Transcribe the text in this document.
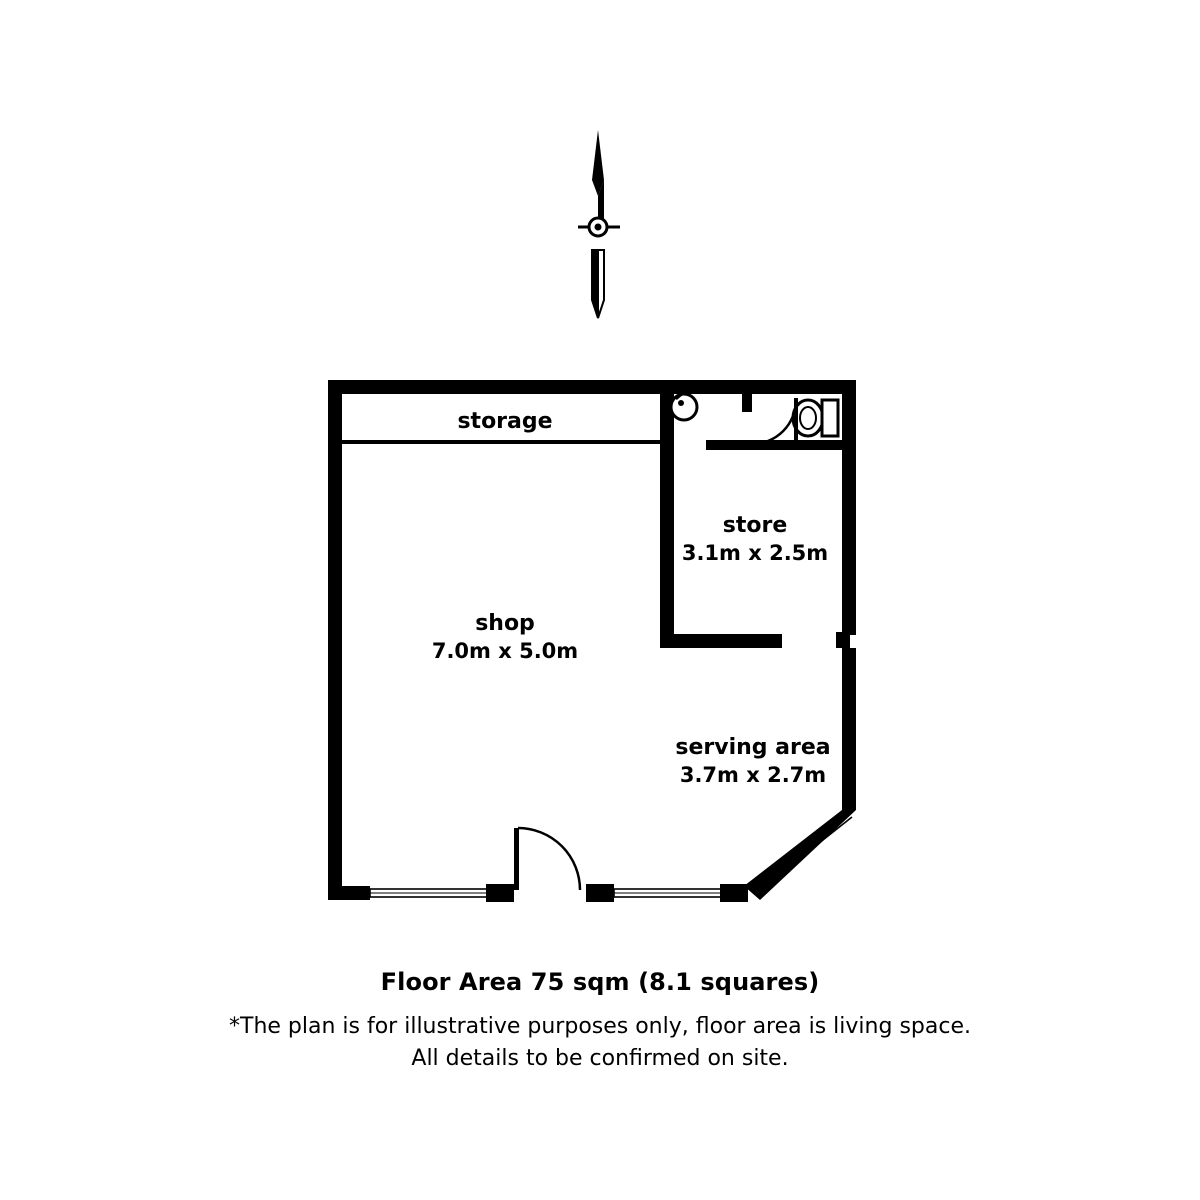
storage
shop
7.0m x 5.0m
store
3.1m x 2.5m
serving area
3.7m x 2.7m
Floor Area 75 sqm (8.1 squares)
*The plan is for illustrative purposes only, floor area is living space.
All details to be confirmed on site.
